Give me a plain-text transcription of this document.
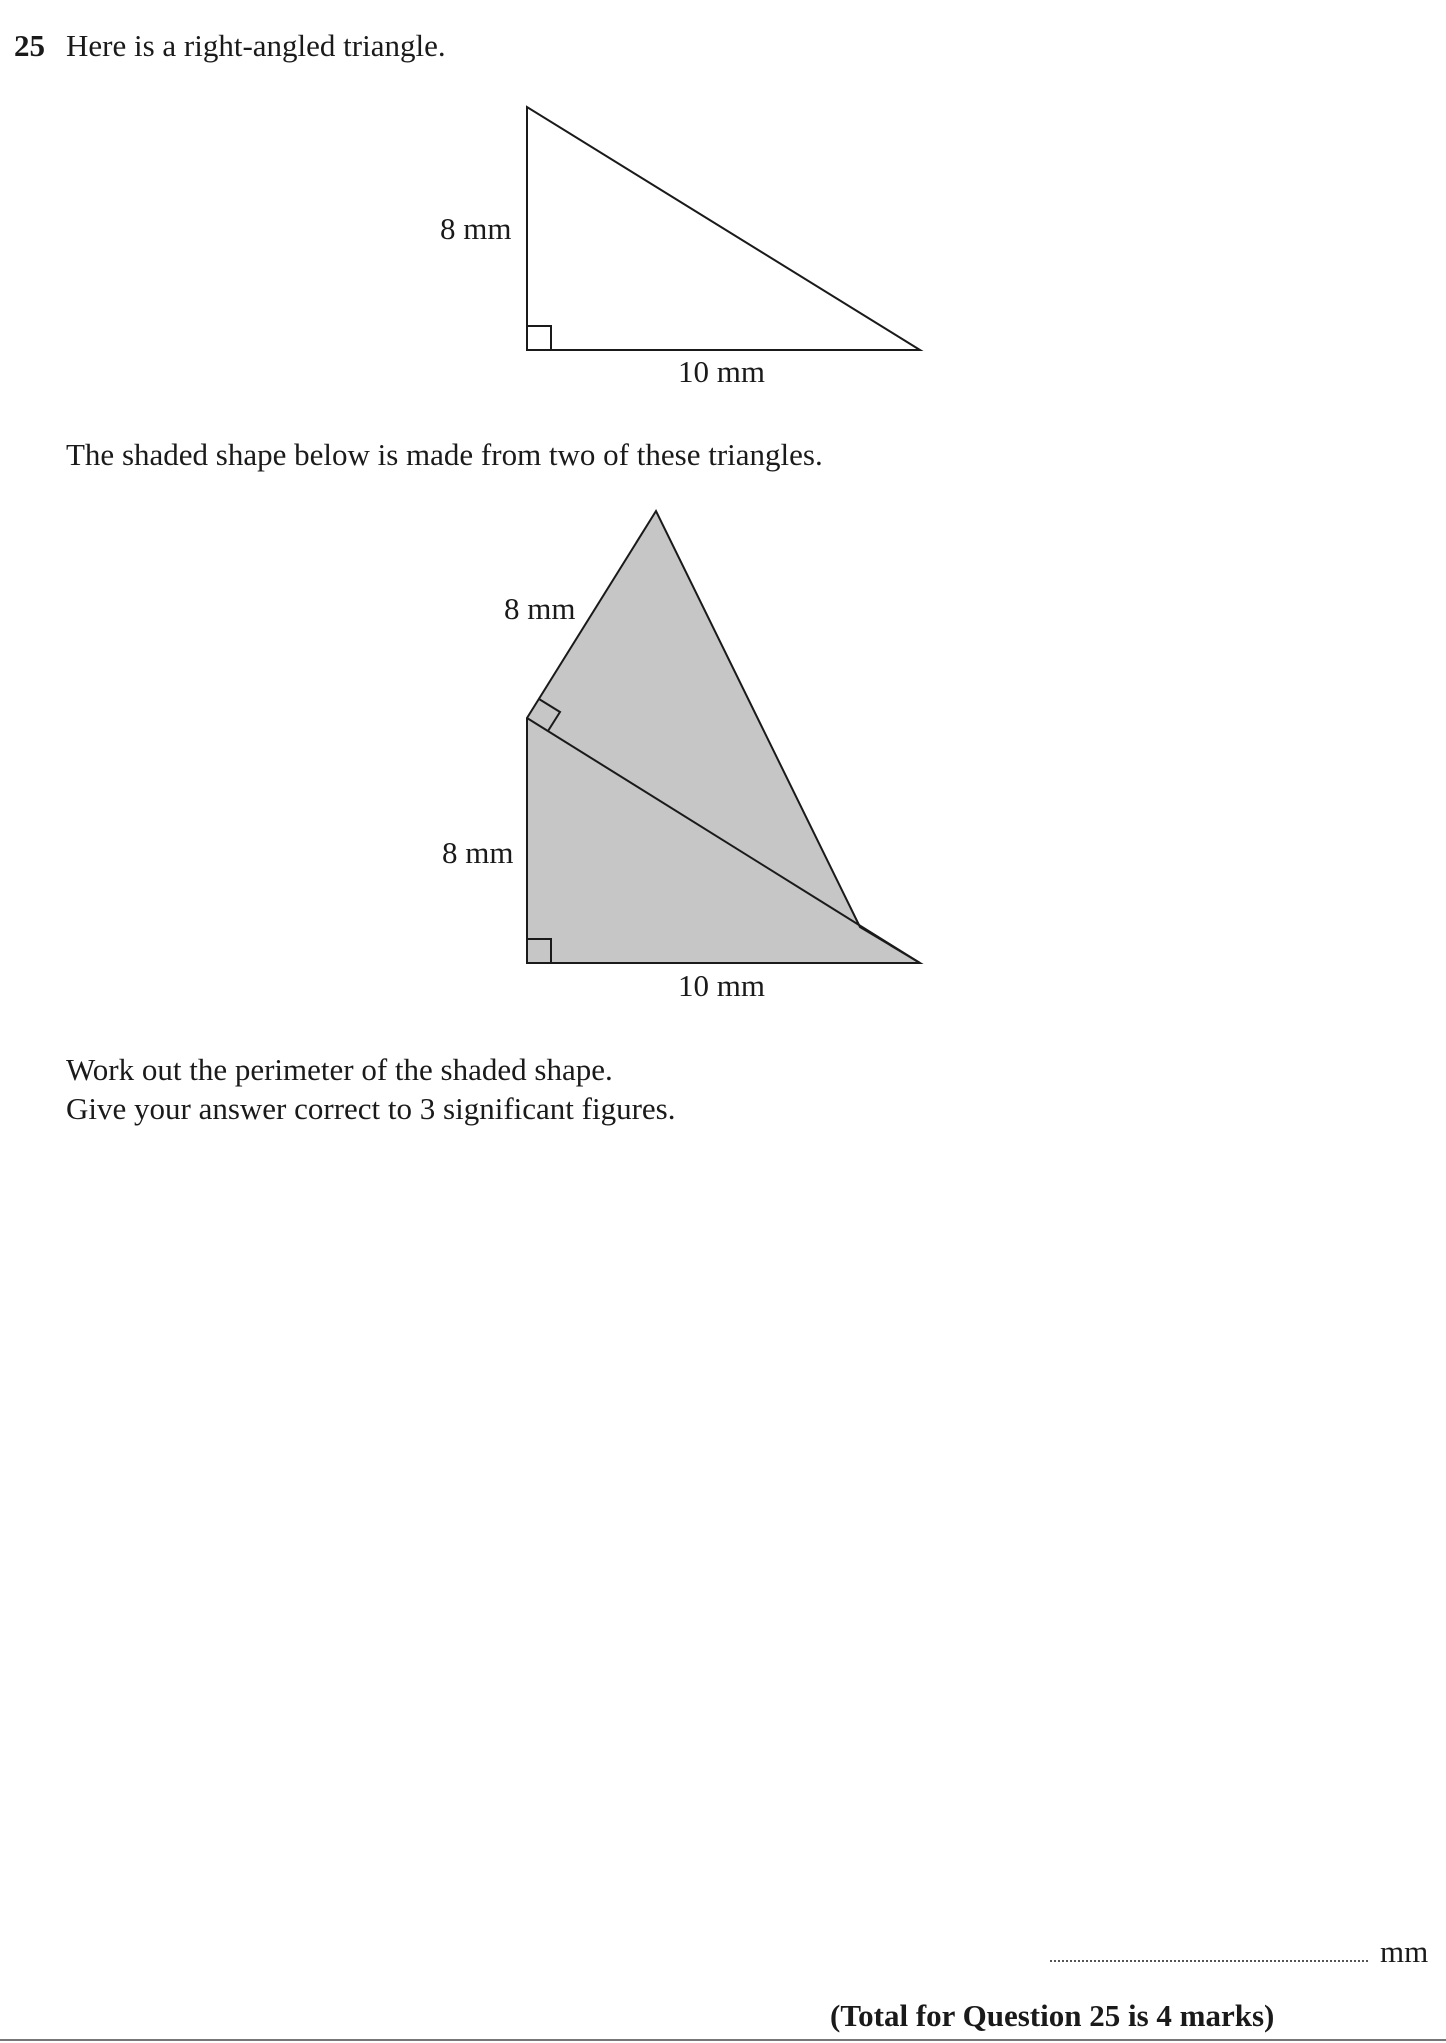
25 Here is a right-angled triangle.
8 mm
10 mm
8 mm
8 mm
10 mm
The shaded shape below is made from two of these triangles.
Work out the perimeter of the shaded shape.
Give your answer correct to 3 significant figures.
mm
(Total for Question 25 is 4 marks)
